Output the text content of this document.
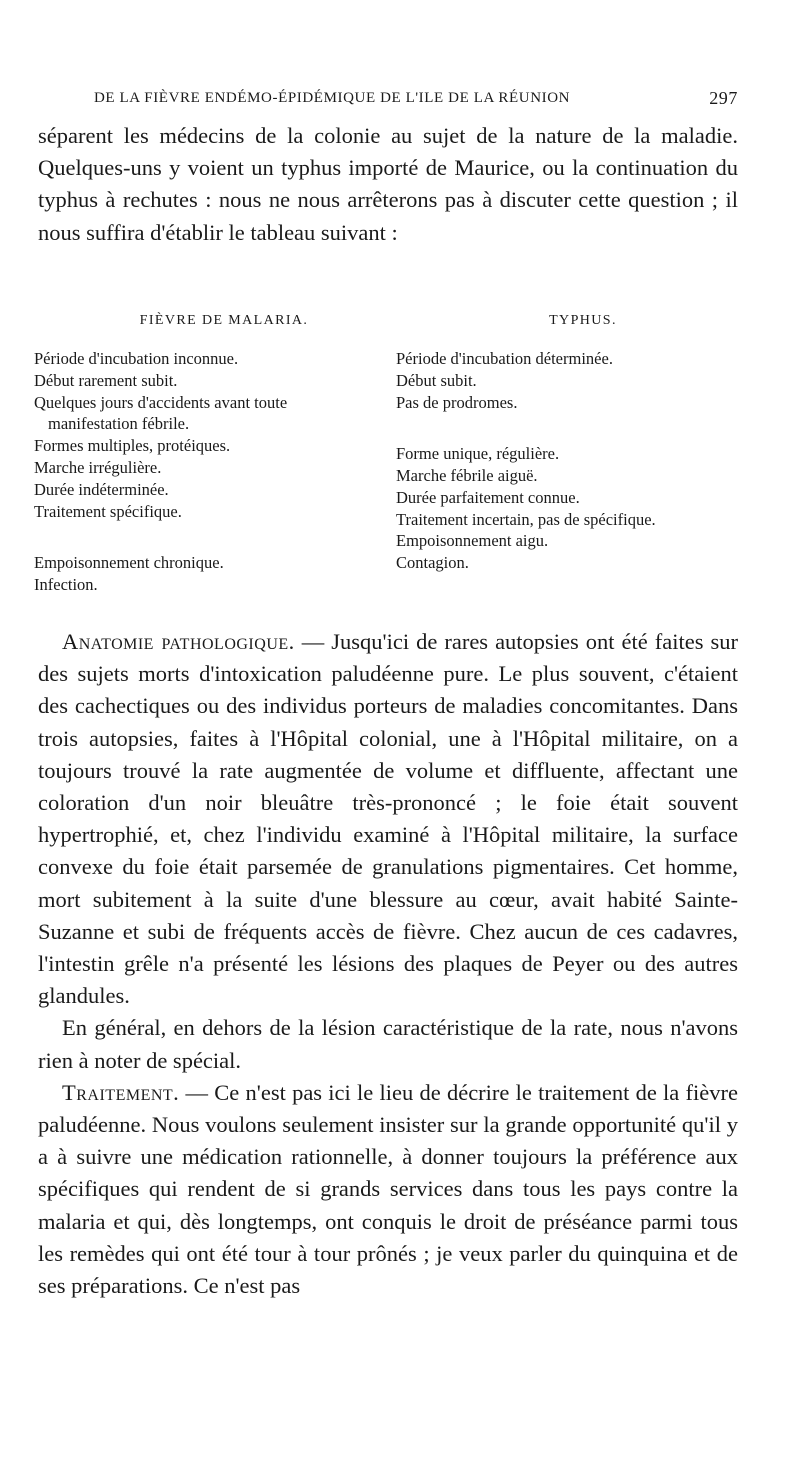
DE LA FIÈVRE ENDÉMO-ÉPIDÉMIQUE DE L'ILE DE LA RÉUNION	297

séparent les médecins de la colonie au sujet de la nature de la maladie. Quelques-uns y voient un typhus importé de Maurice, ou la continuation du typhus à rechutes : nous ne nous arrêterons pas à discuter cette question ; il nous suffira d'établir le tableau suivant :

FIÈVRE DE MALARIA.
Période d'incubation inconnue.
Début rarement subit.
Quelques jours d'accidents avant toute manifestation fébrile.
Formes multiples, protéiques.
Marche irrégulière.
Durée indéterminée.
Traitement spécifique.
Empoisonnement chronique.
Infection.
TYPHUS.
Période d'incubation déterminée.
Début subit.
Pas de prodromes.
Forme unique, régulière.
Marche fébrile aiguë.
Durée parfaitement connue.
Traitement incertain, pas de spécifique.
Empoisonnement aigu.
Contagion.

Anatomie pathologique. — Jusqu'ici de rares autopsies ont été faites sur des sujets morts d'intoxication paludéenne pure. Le plus souvent, c'étaient des cachectiques ou des individus porteurs de maladies concomitantes. Dans trois autopsies, faites à l'Hôpital colonial, une à l'Hôpital militaire, on a toujours trouvé la rate augmentée de volume et diffluente, affectant une coloration d'un noir bleuâtre très-prononcé ; le foie était souvent hypertrophié, et, chez l'individu examiné à l'Hôpital militaire, la surface convexe du foie était parsemée de granulations pigmentaires. Cet homme, mort subitement à la suite d'une blessure au cœur, avait habité Sainte-Suzanne et subi de fréquents accès de fièvre. Chez aucun de ces cadavres, l'intestin grêle n'a présenté les lésions des plaques de Peyer ou des autres glandules.

En général, en dehors de la lésion caractéristique de la rate, nous n'avons rien à noter de spécial.

Traitement. — Ce n'est pas ici le lieu de décrire le traitement de la fièvre paludéenne. Nous voulons seulement insister sur la grande opportunité qu'il y a à suivre une médication rationnelle, à donner toujours la préférence aux spécifiques qui rendent de si grands services dans tous les pays contre la malaria et qui, dès longtemps, ont conquis le droit de préséance parmi tous les remèdes qui ont été tour à tour prônés ; je veux parler du quinquina et de ses préparations. Ce n'est pas
